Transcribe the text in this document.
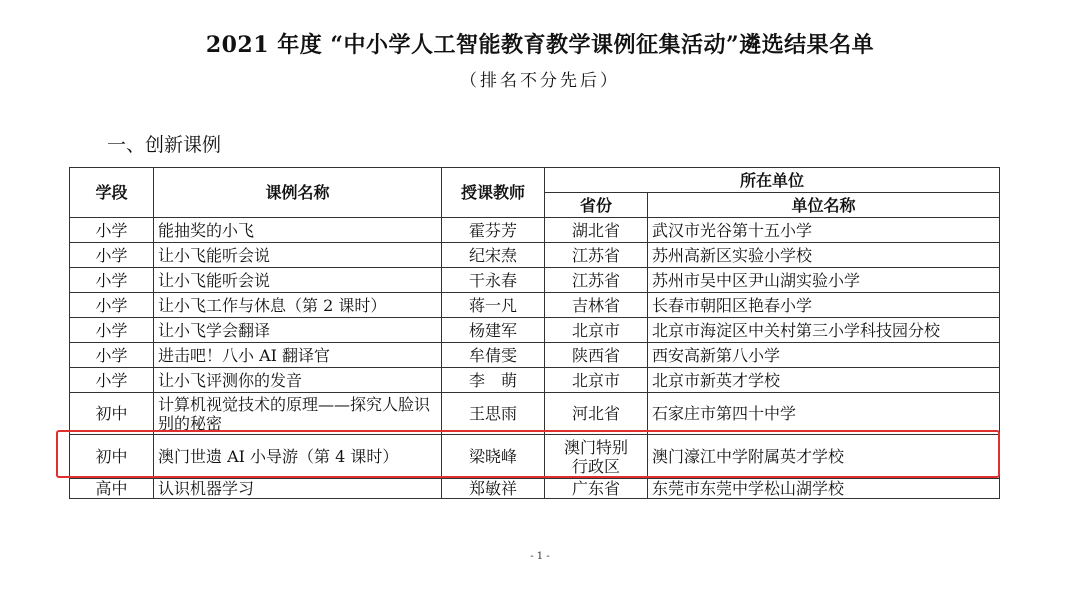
2021 年度 “中小学人工智能教育教学课例征集活动”遴选结果名单
（排名不分先后）
一、创新课例
学段	课例名称	授课教师	所在单位	
			省份	单位名称
小学	能抽奖的小飞	霍芬芳	湖北省	武汉市光谷第十五小学
小学	让小飞能听会说	纪宋焘	江苏省	苏州高新区实验小学校
小学	让小飞能听会说	干永春	江苏省	苏州市吴中区尹山湖实验小学
小学	让小飞工作与休息（第 2 课时）	蒋一凡	吉林省	长春市朝阳区艳春小学
小学	让小飞学会翻译	杨建军	北京市	北京市海淀区中关村第三小学科技园分校
小学	进击吧！八小 AI 翻译官	牟倩雯	陕西省	西安高新第八小学
小学	让小飞评测你的发音	李　萌	北京市	北京市新英才学校
初中	计算机视觉技术的原理——探究人脸识别的秘密	王思雨	河北省	石家庄市第四十中学
初中	澳门世遗 AI 小导游（第 4 课时）	梁晓峰	澳门特别行政区	澳门濠江中学附属英才学校
高中	认识机器学习	郑敏祥	广东省	东莞市东莞中学松山湖学校
- 1 -
